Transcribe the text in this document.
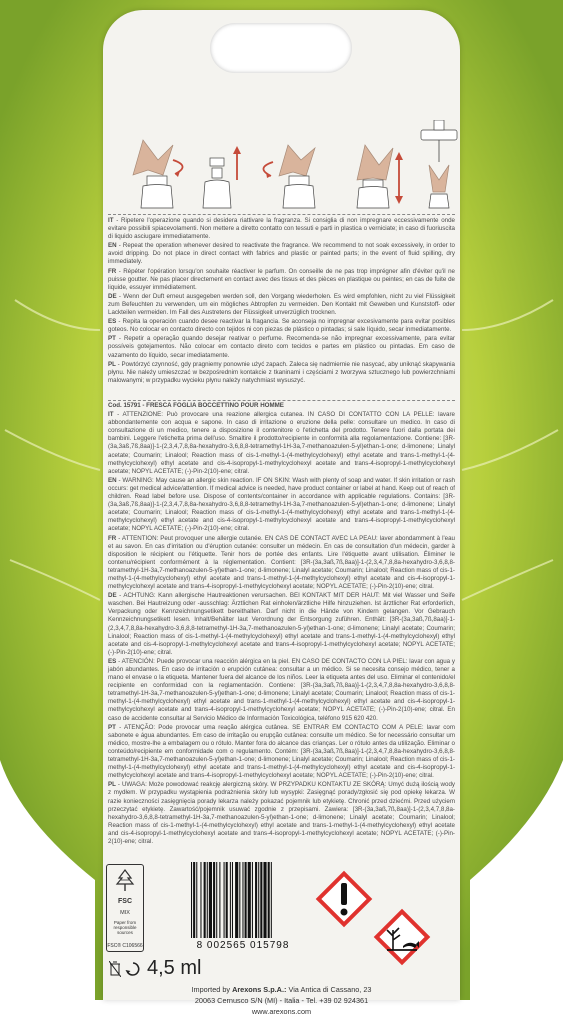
IT - Ripetere l'operazione quando si desidera riattivare la fragranza. Si consiglia di non impregnare eccessivamente onde evitare possibili spiacevolamenti. Non mettere a diretto contatto con tessuti e parti in plastica o verniciate; in caso di fuoriuscita di liquido asciugare immediatamente.

EN - Repeat the operation whenever desired to reactivate the fragrance. We recommend to not soak excessively, in order to avoid dripping. Do not place in direct contact with fabrics and plastic or painted parts; in the event of fluid spilling, dry immediately.

FR - Répéter l'opération lorsqu'on souhaite réactiver le parfum. On conseille de ne pas trop imprégner afin d'éviter qu'il ne puisse goutter. Ne pas placer directement en contact avec des tissus et des pièces en plastique ou peintes; en cas de fuite de liquide, essuyer immédiatement.

DE - Wenn der Duft erneut ausgegeben werden soll, den Vorgang wiederholen. Es wird empfohlen, nicht zu viel Flüssigkeit zum Befeuchten zu verwenden, um ein mögliches Abtropfen zu vermeiden. Den Kontakt mit Geweben und Kunststoff- oder Lackteilen vermeiden. Im Fall des Austretens der Flüssigkeit unverzüglich trocknen.

ES - Repita la operación cuando desee reactivar la fragancia. Se aconseja no impregnar excesivamente para evitar posibles goteos. No colocar en contacto directo con tejidos ni con piezas de plástico o pintadas; si sale líquido, secar inmediatamente.

PT - Repetir a operação quando desejar reativar o perfume. Recomenda-se não impregnar excessivamente, para evitar possíveis gotejamentos. Não colocar em contacto direto com tecidos e partes em plástico ou pintadas. Em caso de vazamento do líquido, secar imediatamente.

PL - Powtórzyć czynność, gdy pragniemy ponownie użyć zapach. Zaleca się nadmiernie nie nasycać, aby uniknąć skapywania płynu. Nie należy umieszczać w bezpośrednim kontakcie z tkaninami i częściami z tworzywa sztucznego lub powierzchniami malowanymi; w przypadku wycieku płynu należy natychmiast wysuszyć.

Cod. 15791 - FRESCA FOGLIA BOCCETTINO POUR HOMME

IT - ATTENZIONE: Può provocare una reazione allergica cutanea. IN CASO DI CONTATTO CON LA PELLE: lavare abbondantemente con acqua e sapone. In caso di irritazione o eruzione della pelle: consultare un medico. In caso di consultazione di un medico, tenere a disposizione il contenitore o l'etichetta del prodotto. Tenere fuori dalla portata dei bambini. Leggere l'etichetta prima dell'uso. Smaltire il prodotto/recipiente in conformità alla regolamentazione. Contiene: [3R-(3a,3aß,7ß,8aa)]-1-(2,3,4,7,8,8a-hexahydro-3,6,8,8-tetramethyl-1H-3a,7-methanoazulen-5-yl)ethan-1-one; d-limonene; Linalyl acetate; Coumarin; Linalool; Reaction mass of cis-1-methyl-1-(4-methylcyclohexyl) ethyl acetate and trans-1-methyl-1-(4-methylcyclohexyl) ethyl acetate and cis-4-isopropyl-1-methylcyclohexyl acetate and trans-4-isopropyl-1-methylcyclohexyl acetate; NOPYL ACETATE; (-)-Pin-2(10)-ene; citral.

EN - WARNING: May cause an allergic skin reaction. IF ON SKIN: Wash with plenty of soap and water. If skin irritation or rash occurs: get medical advice/attention. If medical advice is needed, have product container or label at hand. Keep out of reach of children. Read label before use. Dispose of contents/container in accordance with applicable regulations. Contains: [3R-(3a,3aß,7ß,8aa)]-1-(2,3,4,7,8,8a-hexahydro-3,6,8,8-tetramethyl-1H-3a,7-methanoazulen-5-yl)ethan-1-one; d-limonene; Linalyl acetate; Coumarin; Linalool; Reaction mass of cis-1-methyl-1-(4-methylcyclohexyl) ethyl acetate and trans-1-methyl-1-(4-methylcyclohexyl) ethyl acetate and cis-4-isopropyl-1-methylcyclohexyl acetate and trans-4-isopropyl-1-methylcyclohexyl acetate; NOPYL ACETATE; (-)-Pin-2(10)-ene; citral.

FR - ATTENTION: Peut provoquer une allergie cutanée. EN CAS DE CONTACT AVEC LA PEAU: laver abondamment à l'eau et au savon. En cas d'irritation ou d'éruption cutanée: consulter un médecin. En cas de consultation d'un médecin, garder à disposition le récipient ou l'étiquette. Tenir hors de portée des enfants. Lire l'étiquette avant utilisation. Éliminer le contenu/récipient conformément à la réglementation. Contient: [3R-(3a,3aß,7ß,8aa)]-1-(2,3,4,7,8,8a-hexahydro-3,6,8,8-tetramethyl-1H-3a,7-methanoazulen-5-yl)ethan-1-one; d-limonene; Linalyl acetate; Coumarin; Linalool; Reaction mass of cis-1-methyl-1-(4-methylcyclohexyl) ethyl acetate and trans-1-methyl-1-(4-methylcyclohexyl) ethyl acetate and cis-4-isopropyl-1-methylcyclohexyl acetate and trans-4-isopropyl-1-methylcyclohexyl acetate; NOPYL ACETATE; (-)-Pin-2(10)-ene; citral.

DE - ACHTUNG: Kann allergische Hautreaktionen verursachen. BEI KONTAKT MIT DER HAUT: Mit viel Wasser und Seife waschen. Bei Hautreizung oder -ausschlag: Ärztlichen Rat einholen/ärztliche Hilfe hinzuziehen. Ist ärztlicher Rat erforderlich, Verpackung oder Kennzeichnungsetikett bereithalten. Darf nicht in die Hände von Kindern gelangen. Vor Gebrauch Kennzeichnungsetikett lesen. Inhalt/Behälter laut Verordnung der Entsorgung zuführen. Enthält: [3R-(3a,3aß,7ß,8aa)]-1-(2,3,4,7,8,8a-hexahydro-3,6,8,8-tetramethyl-1H-3a,7-methanoazulen-5-yl)ethan-1-one; d-limonene; Linalyl acetate; Coumarin; Linalool; Reaction mass of cis-1-methyl-1-(4-methylcyclohexyl) ethyl acetate and trans-1-methyl-1-(4-methylcyclohexyl) ethyl acetate and cis-4-isopropyl-1-methylcyclohexyl acetate and trans-4-isopropyl-1-methylcyclohexyl acetate; NOPYL ACETATE; (-)-Pin-2(10)-ene; citral.

ES - ATENCIÓN: Puede provocar una reacción alérgica en la piel. EN CASO DE CONTACTO CON LA PIEL: lavar con agua y jabón abundantes. En caso de irritación o erupción cutánea: consultar a un médico. Si se necesita consejo médico, tener a mano el envase o la etiqueta. Mantener fuera del alcance de los niños. Leer la etiqueta antes del uso. Eliminar el contenido/el recipiente en conformidad con la reglamentación. Contiene: [3R-(3a,3aß,7ß,8aa)]-1-(2,3,4,7,8,8a-hexahydro-3,6,8,8-tetramethyl-1H-3a,7-methanoazulen-5-yl)ethan-1-one; d-limonene; Linalyl acetate; Coumarin; Linalool; Reaction mass of cis-1-methyl-1-(4-methylcyclohexyl) ethyl acetate and trans-1-methyl-1-(4-methylcyclohexyl) ethyl acetate and cis-4-isopropyl-1-methylcyclohexyl acetate and trans-4-isopropyl-1-methylcyclohexyl acetate; NOPYL ACETATE; (-)-Pin-2(10)-ene; citral. En caso de accidente consultar al Servicio Médico de Información Toxicológica, teléfono 915 620 420.

PT - ATENÇÃO: Pode provocar uma reação alérgica cutânea. SE ENTRAR EM CONTACTO COM A PELE: lavar com sabonete e água abundantes. Em caso de irritação ou erupção cutânea: consulte um médico. Se for necessário consultar um médico, mostre-lhe a embalagem ou o rótulo. Manter fora do alcance das crianças. Ler o rótulo antes da utilização. Eliminar o conteúdo/recipiente em conformidade com o regulamento. Contém: [3R-(3a,3aß,7ß,8aa)]-1-(2,3,4,7,8,8a-hexahydro-3,6,8,8-tetramethyl-1H-3a,7-methanoazulen-5-yl)ethan-1-one; d-limonene; Linalyl acetate; Coumarin; Linalool; Reaction mass of cis-1-methyl-1-(4-methylcyclohexyl) ethyl acetate and trans-1-methyl-1-(4-methylcyclohexyl) ethyl acetate and cis-4-isopropyl-1-methylcyclohexyl acetate and trans-4-isopropyl-1-methylcyclohexyl acetate; NOPYL ACETATE; (-)-Pin-2(10)-ene; citral.

PL - UWAGA: Może powodować reakcję alergiczną skóry. W PRZYPADKU KONTAKTU ZE SKÓRĄ: Umyć dużą ilością wody z mydłem. W przypadku wystąpienia podrażnienia skóry lub wysypki: Zasięgnąć porady/zgłosić się pod opiekę lekarza. W razie konieczności zasięgnięcia porady lekarza należy pokazać pojemnik lub etykietę. Chronić przed dziećmi. Przed użyciem przeczytać etykietę. Zawartość/pojemnik usuwać zgodnie z przepisami. Zawiera: [3R-(3a,3aß,7ß,8aa)]-1-(2,3,4,7,8,8a-hexahydro-3,6,8,8-tetramethyl-1H-3a,7-methanoazulen-5-yl)ethan-1-one; d-limonene; Linalyl acetate; Coumarin; Linalool; Reaction mass of cis-1-methyl-1-(4-methylcyclohexyl) ethyl acetate and trans-1-methyl-1-(4-methylcyclohexyl) ethyl acetate and cis-4-isopropyl-1-methylcyclohexyl acetate and trans-4-isopropyl-1-methylcyclohexyl acetate; NOPYL ACETATE; (-)-Pin-2(10)-ene; citral.

FSC
MIX
Paper from responsible sources
FSC® C106566	8 002565 015798
4,5 ml
Imported by Arexons S.p.A.: Via Antica di Cassano, 23
20063 Cernusco S/N (MI) - Italia - Tel. +39 02 924361
www.arexons.com
